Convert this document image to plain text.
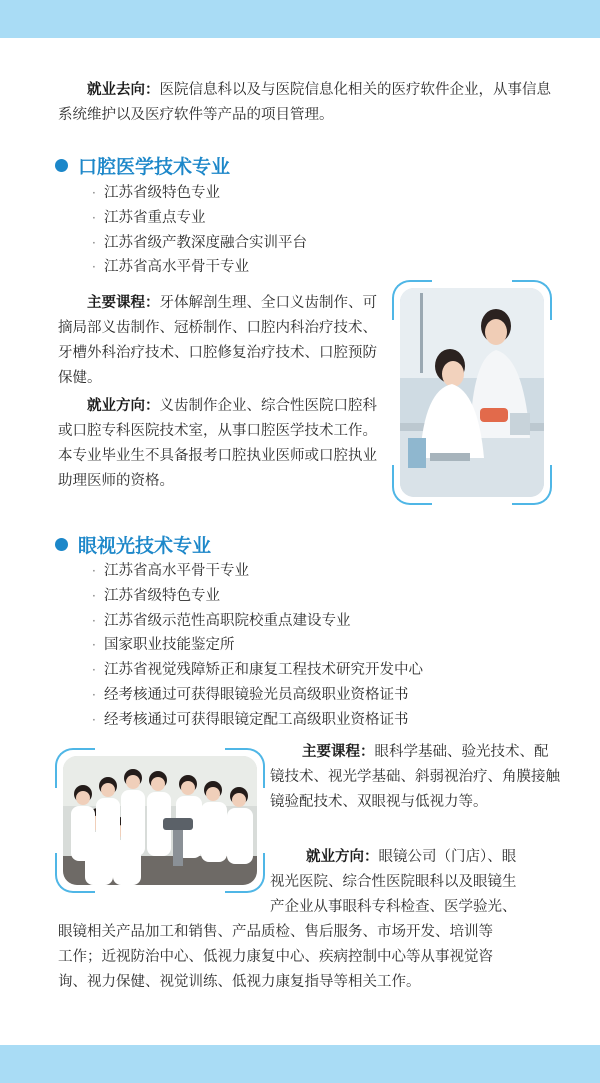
就业去向：医院信息科以及与医院信息化相关的医疗软件企业，从事信息系统维护以及医疗软件等产品的项目管理。
口腔医学技术专业
· 江苏省级特色专业
· 江苏省重点专业
· 江苏省级产教深度融合实训平台
· 江苏省高水平骨干专业
主要课程：牙体解剖生理、全口义齿制作、可摘局部义齿制作、冠桥制作、口腔内科治疗技术、牙槽外科治疗技术、口腔修复治疗技术、口腔预防保健。
就业方向：义齿制作企业、综合性医院口腔科或口腔专科医院技术室，从事口腔医学技术工作。本专业毕业生不具备报考口腔执业医师或口腔执业助理医师的资格。
眼视光技术专业
· 江苏省高水平骨干专业
· 江苏省级特色专业
· 江苏省级示范性高职院校重点建设专业
· 国家职业技能鉴定所
· 江苏省视觉残障矫正和康复工程技术研究开发中心
· 经考核通过可获得眼镜验光员高级职业资格证书
· 经考核通过可获得眼镜定配工高级职业资格证书
主要课程：眼科学基础、验光技术、配镜技术、视光学基础、斜弱视治疗、角膜接触镜验配技术、双眼视与低视力等。
就业方向：眼镜公司（门店）、眼
视光医院、综合性医院眼科以及眼镜生
产企业从事眼科专科检查、医学验光、
眼镜相关产品加工和销售、产品质检、售后服务、市场开发、培训等
工作；近视防治中心、低视力康复中心、疾病控制中心等从事视觉咨
询、视力保健、视觉训练、低视力康复指导等相关工作。
